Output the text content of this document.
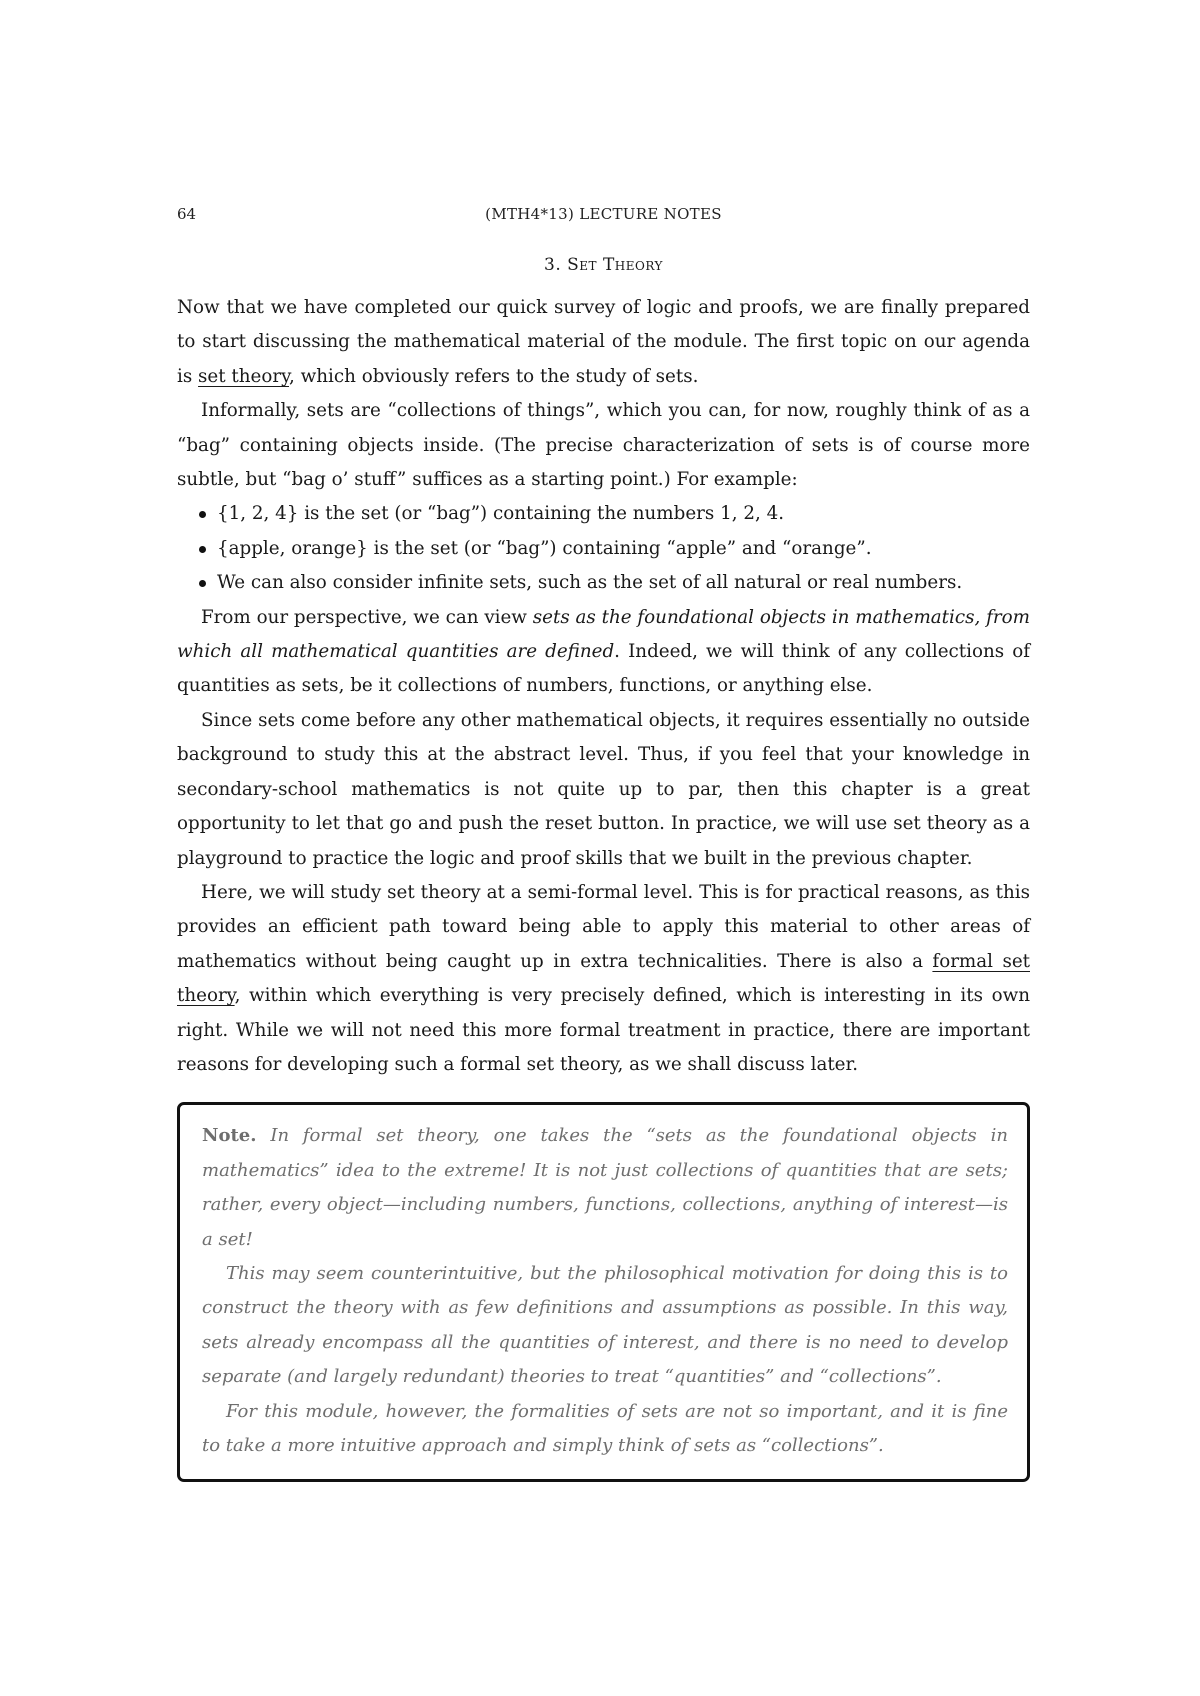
64	(MTH4*13) LECTURE NOTES
3. Set Theory

Now that we have completed our quick survey of logic and proofs, we are finally prepared to start discussing the mathematical material of the module. The first topic on our agenda is set theory, which obviously refers to the study of sets.

Informally, sets are “collections of things”, which you can, for now, roughly think of as a “bag” containing objects inside. (The precise characterization of sets is of course more subtle, but “bag o’ stuff” suffices as a starting point.) For example:

{1, 2, 4} is the set (or “bag”) containing the numbers 1, 2, 4.
{apple, orange} is the set (or “bag”) containing “apple” and “orange”.
We can also consider infinite sets, such as the set of all natural or real numbers.

From our perspective, we can view sets as the foundational objects in mathematics, from which all mathematical quantities are defined. Indeed, we will think of any collections of quantities as sets, be it collections of numbers, functions, or anything else.

Since sets come before any other mathematical objects, it requires essentially no outside background to study this at the abstract level. Thus, if you feel that your knowledge in secondary-school mathematics is not quite up to par, then this chapter is a great opportunity to let that go and push the reset button. In practice, we will use set theory as a playground to practice the logic and proof skills that we built in the previous chapter.

Here, we will study set theory at a semi-formal level. This is for practical reasons, as this provides an efficient path toward being able to apply this material to other areas of mathematics without being caught up in extra technicalities. There is also a formal set theory, within which everything is very precisely defined, which is interesting in its own right. While we will not need this more formal treatment in practice, there are important reasons for developing such a formal set theory, as we shall discuss later.

Note. In formal set theory, one takes the “sets as the foundational objects in mathematics” idea to the extreme! It is not just collections of quantities that are sets; rather, every object—including numbers, functions, collections, anything of interest—is a set!

This may seem counterintuitive, but the philosophical motivation for doing this is to construct the theory with as few definitions and assumptions as possible. In this way, sets already encompass all the quantities of interest, and there is no need to develop separate (and largely redundant) theories to treat “quantities” and “collections”.

For this module, however, the formalities of sets are not so important, and it is fine to take a more intuitive approach and simply think of sets as “collections”.
